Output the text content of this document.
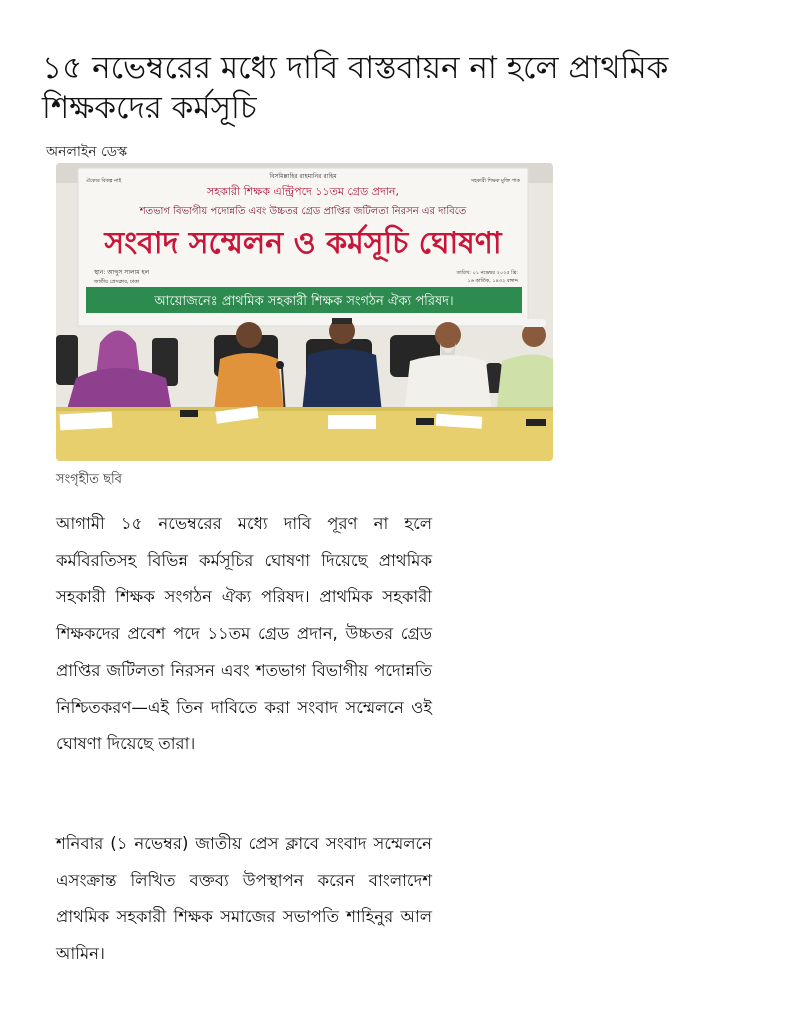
১৫ নভেম্বরের মধ্যে দাবি বাস্তবায়ন না হলে প্রাথমিক শিক্ষকদের কর্মসূচি
অনলাইন ডেস্ক
বিসমিল্লাহির রাহমানির রাহিম
ঐক্যের বিকল্প নাই	সহকারী শিক্ষক মুক্তি পাক
সহকারী শিক্ষক এন্ট্রিপদে ১১তম গ্রেড প্রদান,
শতভাগ বিভাগীয় পদোন্নতি এবং উচ্চতর গ্রেড প্রাপ্তির জটিলতা নিরসন এর দাবিতে
সংবাদ সম্মেলন ও কর্মসূচি ঘোষণা
স্থান: আব্দুস সালাম হল
জাতীয় প্রেসক্লাব, ঢাকা
তারিখ: ০১ নভেম্বর ২০২৫ খ্রি:
১৬ কার্তিক, ১৪৩২ বঙ্গাব্দ
আয়োজনেঃ প্রাথমিক সহকারী শিক্ষক সংগঠন ঐক্য পরিষদ।
সংগৃহীত ছবি

আগামী ১৫ নভেম্বরের মধ্যে দাবি পূরণ না হলে কর্মবিরতিসহ বিভিন্ন কর্মসূচির ঘোষণা দিয়েছে প্রাথমিক সহকারী শিক্ষক সংগঠন ঐক্য পরিষদ। প্রাথমিক সহকারী শিক্ষকদের প্রবেশ পদে ১১তম গ্রেড প্রদান, উচ্চতর গ্রেড প্রাপ্তির জটিলতা নিরসন এবং শতভাগ বিভাগীয় পদোন্নতি নিশ্চিতকরণ—এই তিন দাবিতে করা সংবাদ সম্মেলনে ওই ঘোষণা দিয়েছে তারা।

শনিবার (১ নভেম্বর) জাতীয় প্রেস ক্লাবে সংবাদ সম্মেলনে এসংক্রান্ত লিখিত বক্তব্য উপস্থাপন করেন বাংলাদেশ প্রাথমিক সহকারী শিক্ষক সমাজের সভাপতি শাহিনুর আল আমিন।
